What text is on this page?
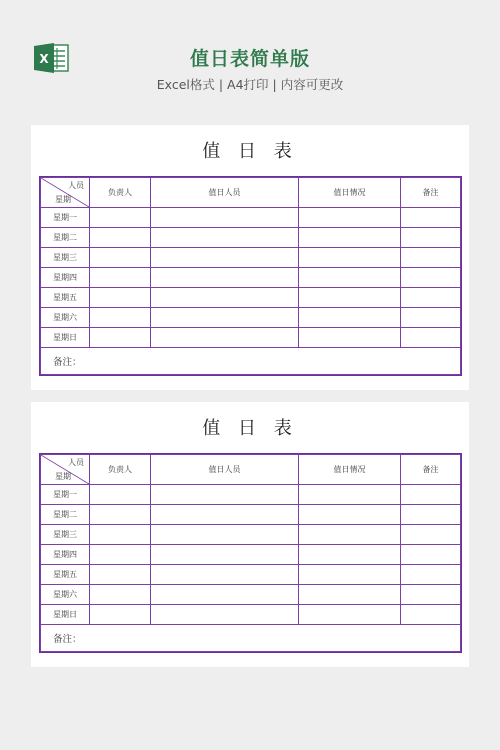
X	值日表简单版
Excel格式 | A4打印 | 内容可更改
值 日 表
人员
星期	负责人	值日人员	值日情况	备注
星期一				
星期二				
星期三				
星期四				
星期五				
星期六				
星期日				
备注：				
值 日 表
人员
星期	负责人	值日人员	值日情况	备注
星期一				
星期二				
星期三				
星期四				
星期五				
星期六				
星期日				
备注：				
